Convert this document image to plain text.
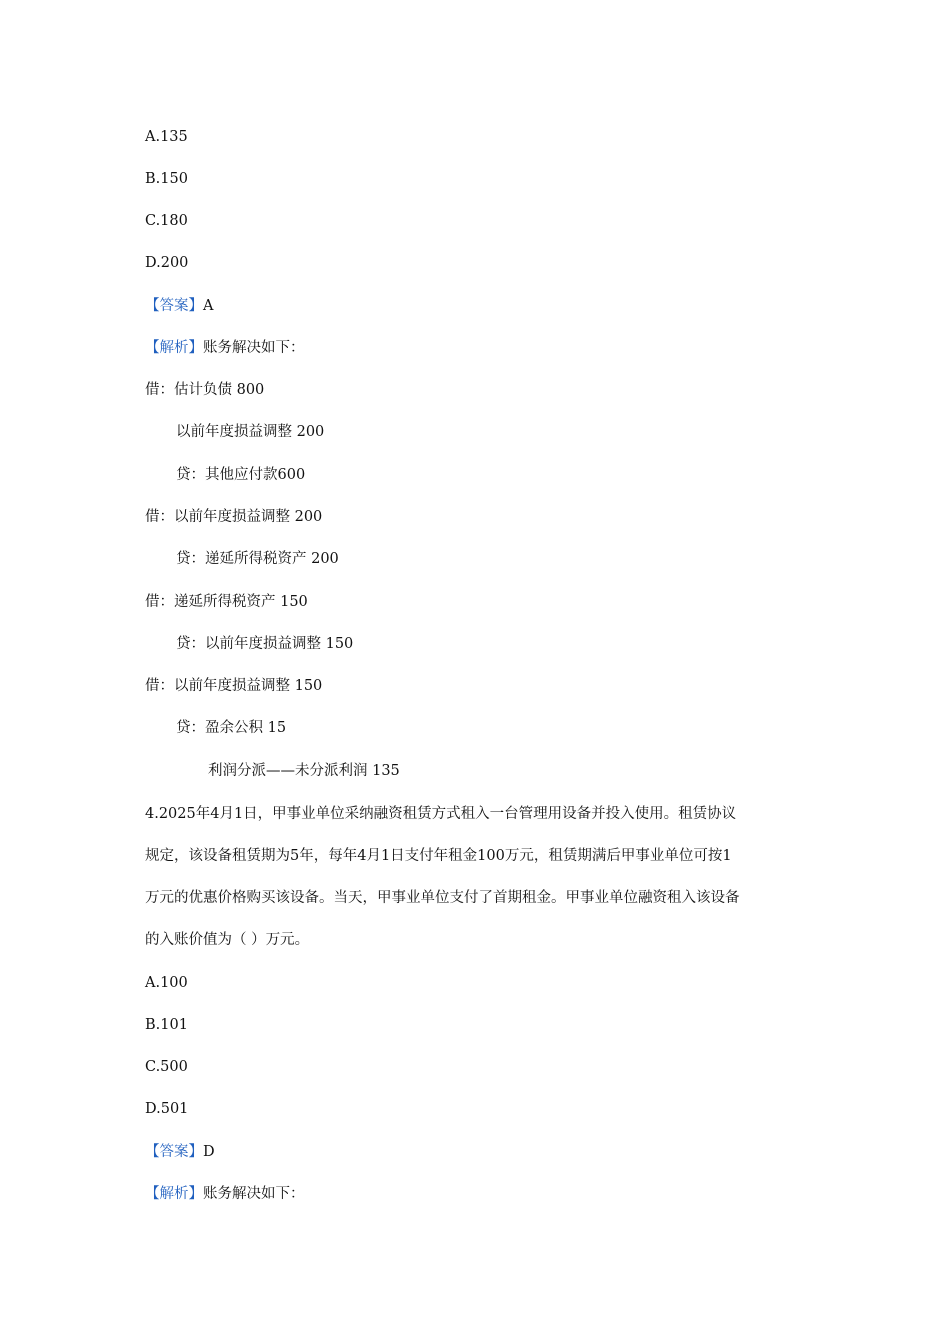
A.135
B.150
C.180
D.200
【答案】A
【解析】账务解决如下：
借：估计负债 800
以前年度损益调整 200
贷：其他应付款600
借：以前年度损益调整 200
贷：递延所得税资产 200
借：递延所得税资产 150
贷：以前年度损益调整 150
借：以前年度损益调整 150
贷：盈余公积 15
利润分派——未分派利润 135
4.2025年4月1日，甲事业单位采纳融资租赁方式租入一台管理用设备并投入使用。租赁协议
规定，该设备租赁期为5年，每年4月1日支付年租金100万元，租赁期满后甲事业单位可按1
万元的优惠价格购买该设备。当天，甲事业单位支付了首期租金。甲事业单位融资租入该设备
的入账价值为（ ）万元。
A.100
B.101
C.500
D.501
【答案】D
【解析】账务解决如下：
